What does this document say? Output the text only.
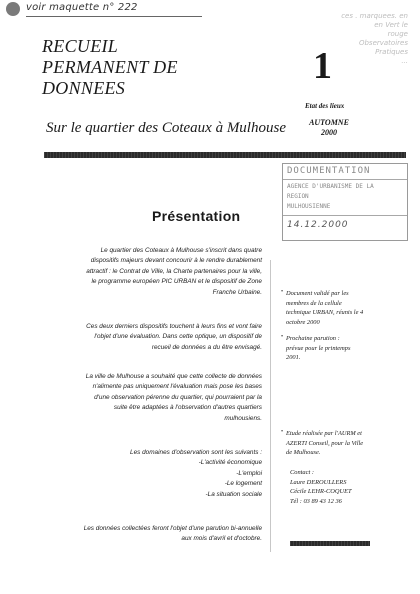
voir maquette n° 222
ces . marquees. en
en Vert le
rouge
Observatoires
Pratiques
...
RECUEIL
PERMANENT DE
DONNEES
1
Etat des lieux
AUTOMNE
2000
Sur le quartier des Coteaux à Mulhouse
DOCUMENTATION
AGENCE D'URBANISME DE LA
REGION
MULHOUSIENNE
14.12.2000
Présentation
Le quartier des Coteaux à Mulhouse s'inscrit dans quatre
dispositifs majeurs devant concourir à le rendre durablement
attractif : le Contrat de Ville, la Charte partenaires pour la ville,
le programme européen PIC URBAN et le dispositif de Zone
Franche Urbaine.
Ces deux derniers dispositifs touchent à leurs fins et vont faire
l'objet d'une évaluation. Dans cette optique, un dispositif de
recueil de données a du être envisagé.
La ville de Mulhouse a souhaité que cette collecte de données
n'alimente pas uniquement l'évaluation mais pose les bases
d'une observation pérenne du quartier, qui pourraient par la
suite être adaptées à l'observation d'autres quartiers
mulhousiens.
Les domaines d'observation sont les suivants :
-L'activité économique
-L'emploi
-Le logement
-La situation sociale
Les données collectées feront l'objet d'une parution bi-annuelle
aux mois d'avril et d'octobre.
• Document validé par les
membres de la cellule
technique URBAN, réunis le 4
octobre 2000
• Prochaine parution :
prévue pour le printemps
2001.
• Etude réalisée par l'AURM et
AZERTI Conseil, pour la Ville
de Mulhouse.
Contact :
Laure DEROULLERS
Cécile LEHR-COQUET
Tél : 03 89 43 12 36
